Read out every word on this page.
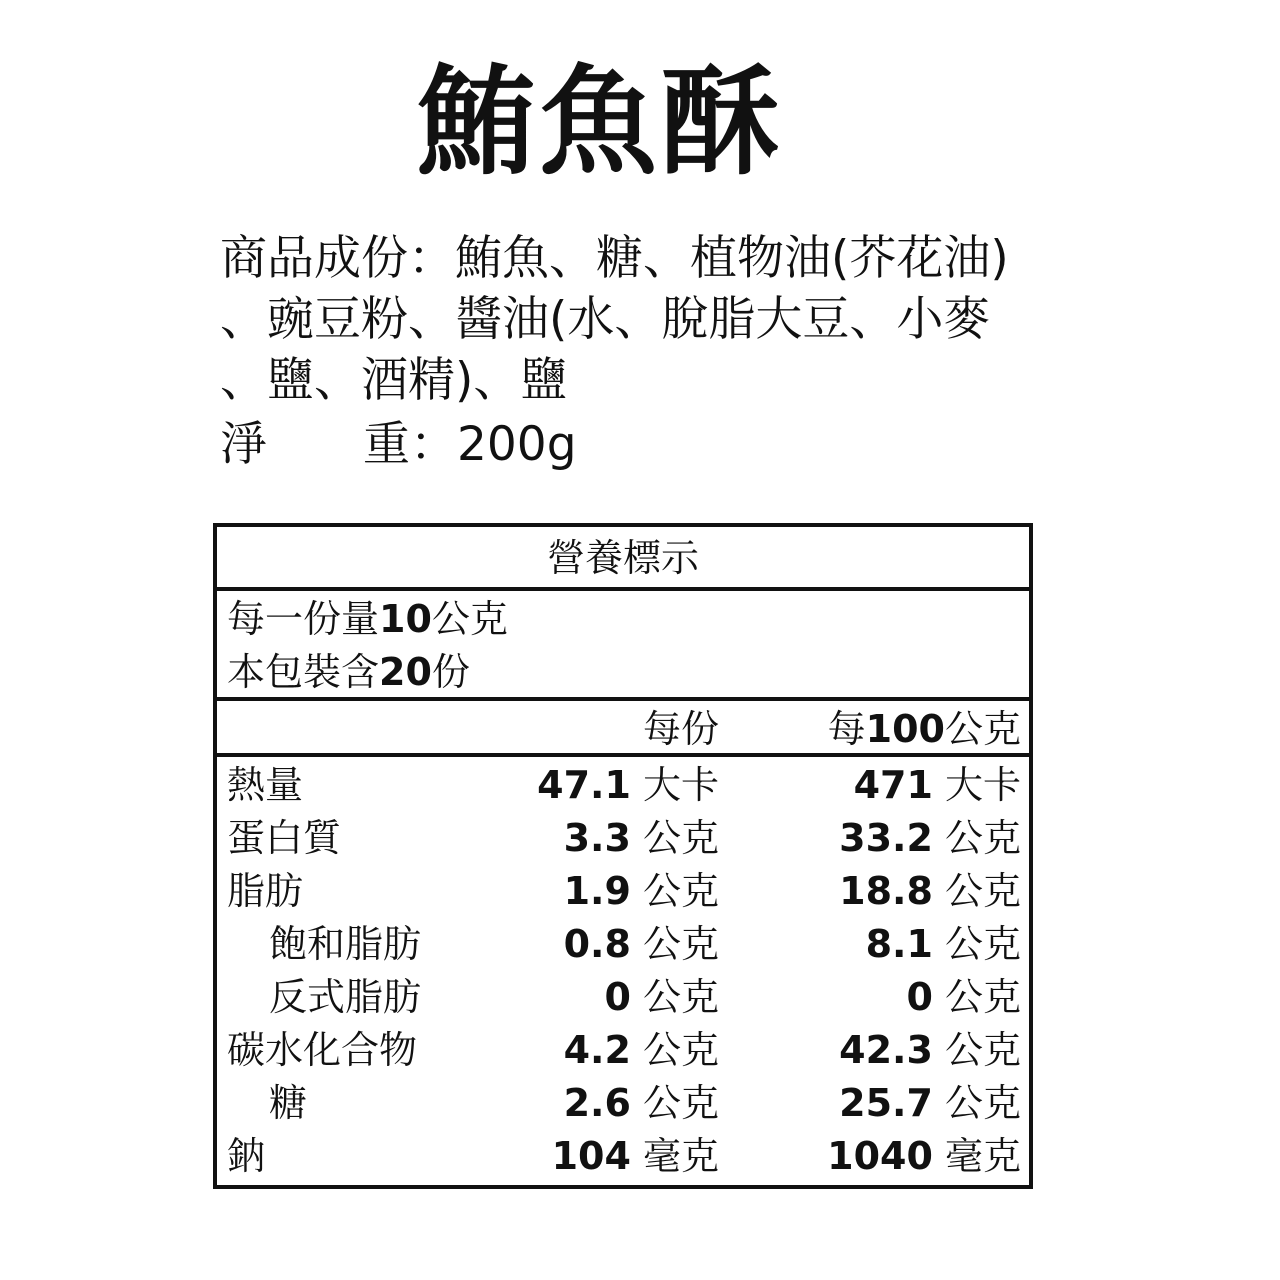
鮪魚酥
商品成份：鮪魚、糖、植物油(芥花油)
、豌豆粉、醬油(水、脫脂大豆、小麥
、鹽、酒精)、鹽
淨 重：200g
營養標示
每一份量10公克
本包裝含20份
每份	每100公克
熱量	47.1 大卡	471 大卡
蛋白質	3.3 公克	33.2 公克
脂肪	1.9 公克	18.8 公克
飽和脂肪	0.8 公克	8.1 公克
反式脂肪	0 公克	0 公克
碳水化合物	4.2 公克	42.3 公克
糖	2.6 公克	25.7 公克
鈉	104 毫克	1040 毫克
